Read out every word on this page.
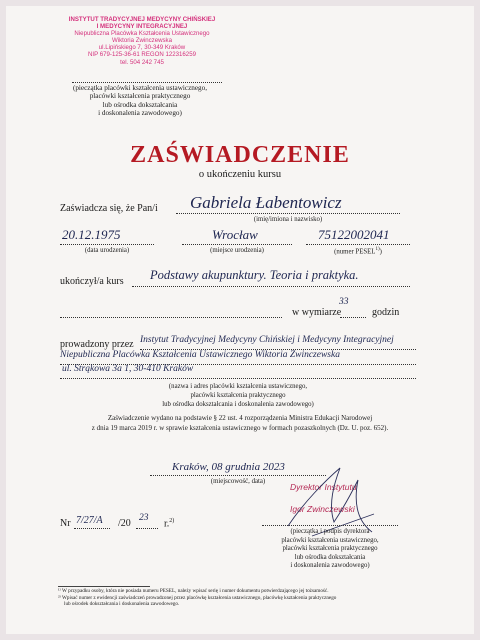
INSTYTUT TRADYCYJNEJ MEDYCYNY CHIŃSKIEJ
I MEDYCYNY INTEGRACYJNEJ
Niepubliczna Placówka Kształcenia Ustawicznego
Wiktoria Zwinczewska
ul.Lipińskiego 7, 30-349 Kraków
NIP 679-125-36-61 REGON 122316259
tel. 504 242 745
(pieczątka placówki kształcenia ustawicznego,
placówki kształcenia praktycznego
lub ośrodka dokształcania
i doskonalenia zawodowego)
ZAŚWIADCZENIE
o ukończeniu kursu
Zaświadcza się, że Pan/i Gabriela Łabentowicz
(imię/imiona i nazwisko)
20.12.1975
(data urodzenia)
Wrocław
(miejsce urodzenia)
75122002041
(numer PESEL$^{1)}$)
ukończył/a kurs Podstawy akupunktury. Teoria i praktyka.
w wymiarze
33
godzin
prowadzony przez Instytut Tradycyjnej Medycyny Chińskiej i Medycyny Integracyjnej
Niepubliczna Placówka Kształcenia Ustawicznego Wiktoria Zwinczewska
ul. Strąkowa 3a 1, 30-410 Kraków
(nazwa i adres placówki kształcenia ustawicznego,
placówki kształcenia praktycznego
lub ośrodka dokształcania i doskonalenia zawodowego)
Zaświadczenie wydano na podstawie § 22 ust. 4 rozporządzenia Ministra Edukacji Narodowej
z dnia 19 marca 2019 r. w sprawie kształcenia ustawicznego w formach pozaszkolnych (Dz. U. poz. 652).
Kraków, 08 grudnia 2023
(miejscowość, data)
Dyrektor Instytutu
Igor Zwinczewski
(pieczątka i podpis dyrektora
placówki kształcenia ustawicznego,
placówki kształcenia praktycznego
lub ośrodka dokształcania
i doskonalenia zawodowego)
Nr 7/27/A /20 23
r.$^{2)}$
¹⁾ W przypadku osoby, która nie posiada numeru PESEL, należy wpisać serię i numer dokumentu potwierdzającego jej tożsamość.
²⁾ Wpisać numer z ewidencji zaświadczeń prowadzonej przez placówkę kształcenia ustawicznego, placówkę kształcenia praktycznego
lub ośrodek dokształcania i doskonalenia zawodowego.
